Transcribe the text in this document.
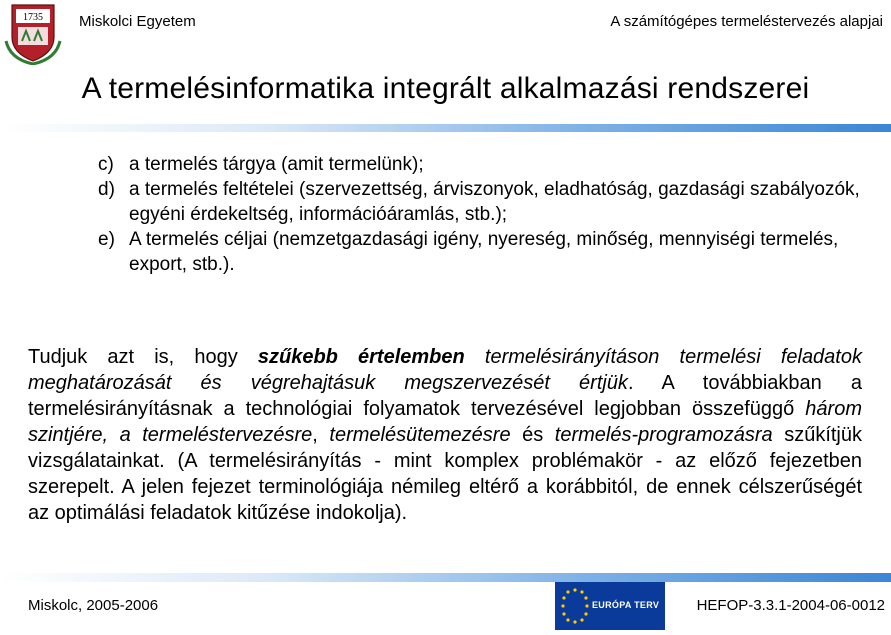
1735 Miskolci Egyetem	A számítógépes termeléstervezés alapjai
A termelésinformatika integrált alkalmazási rendszerei
c) a termelés tárgya (amit termelünk);
d) a termelés feltételei (szervezettség, árviszonyok, eladhatóság, gazdasági szabályozók, egyéni érdekeltség, információáramlás, stb.);
e) A termelés céljai (nemzetgazdasági igény, nyereség, minőség, mennyiségi termelés, export, stb.).
Tudjuk azt is, hogy szűkebb értelemben termelésirányításon termelési feladatok meghatározását és végrehajtásuk megszervezését értjük. A továbbiakban a termelésirányításnak a technológiai folyamatok tervezésével legjobban összefüggő három szintjére, a termeléstervezésre, termelésütemezésre és termelés-programozásra szűkítjük vizsgálatainkat. (A termelésirányítás - mint komplex problémakör - az előző fejezetben szerepelt. A jelen fejezet terminológiája némileg eltérő a korábbitól, de ennek célszerűségét az optimálási feladatok kitűzése indokolja).
Miskolc, 2005-2006	EURÓPA TERV HEFOP-3.3.1-2004-06-0012
